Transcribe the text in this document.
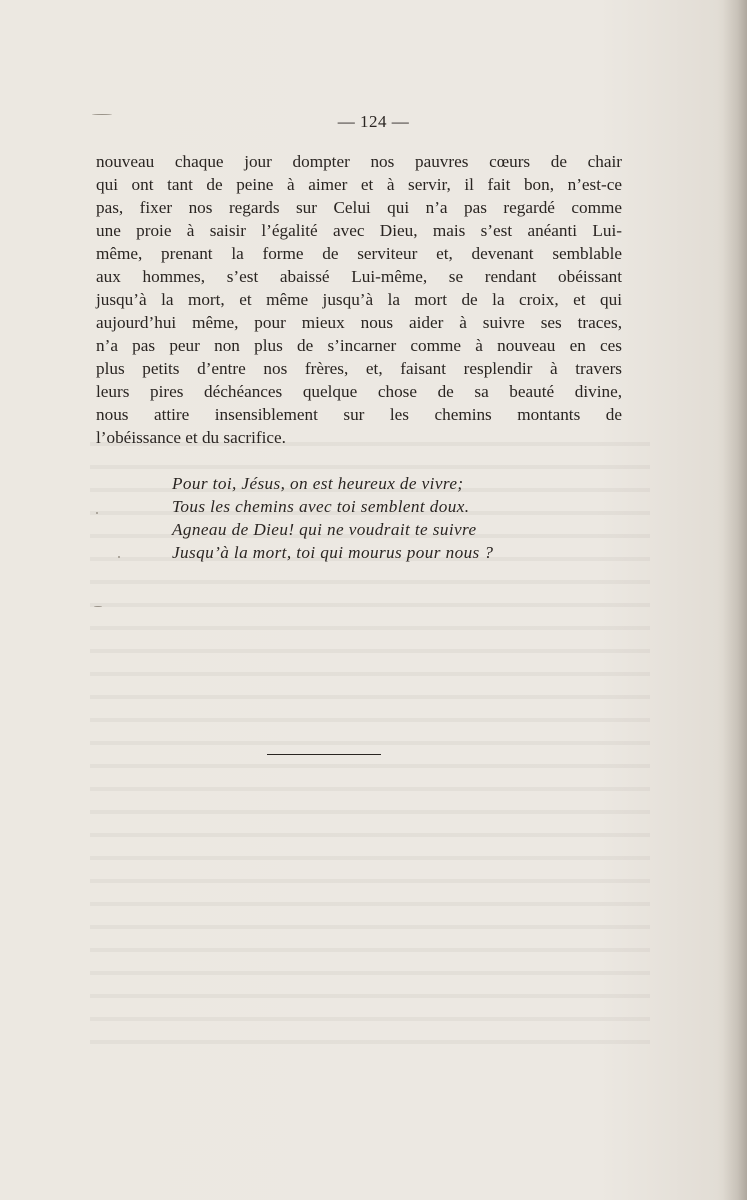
— 124 —
nouveau chaque jour dompter nos pauvres cœurs de chair
qui ont tant de peine à aimer et à servir, il fait bon, n’est-ce
pas, fixer nos regards sur Celui qui n’a pas regardé comme
une proie à saisir l’égalité avec Dieu, mais s’est anéanti Lui-
même, prenant la forme de serviteur et, devenant semblable
aux hommes, s’est abaissé Lui-même, se rendant obéissant
jusqu’à la mort, et même jusqu’à la mort de la croix, et qui
aujourd’hui même, pour mieux nous aider à suivre ses traces,
n’a pas peur non plus de s’incarner comme à nouveau en ces
plus petits d’entre nos frères, et, faisant resplendir à travers
leurs pires déchéances quelque chose de sa beauté divine,
nous attire insensiblement sur les chemins montants de
l’obéissance et du sacrifice.
Pour toi, Jésus, on est heureux de vivre;
Tous les chemins avec toi semblent doux.
Agneau de Dieu! qui ne voudrait te suivre
Jusqu’à la mort, toi qui mourus pour nous ?
